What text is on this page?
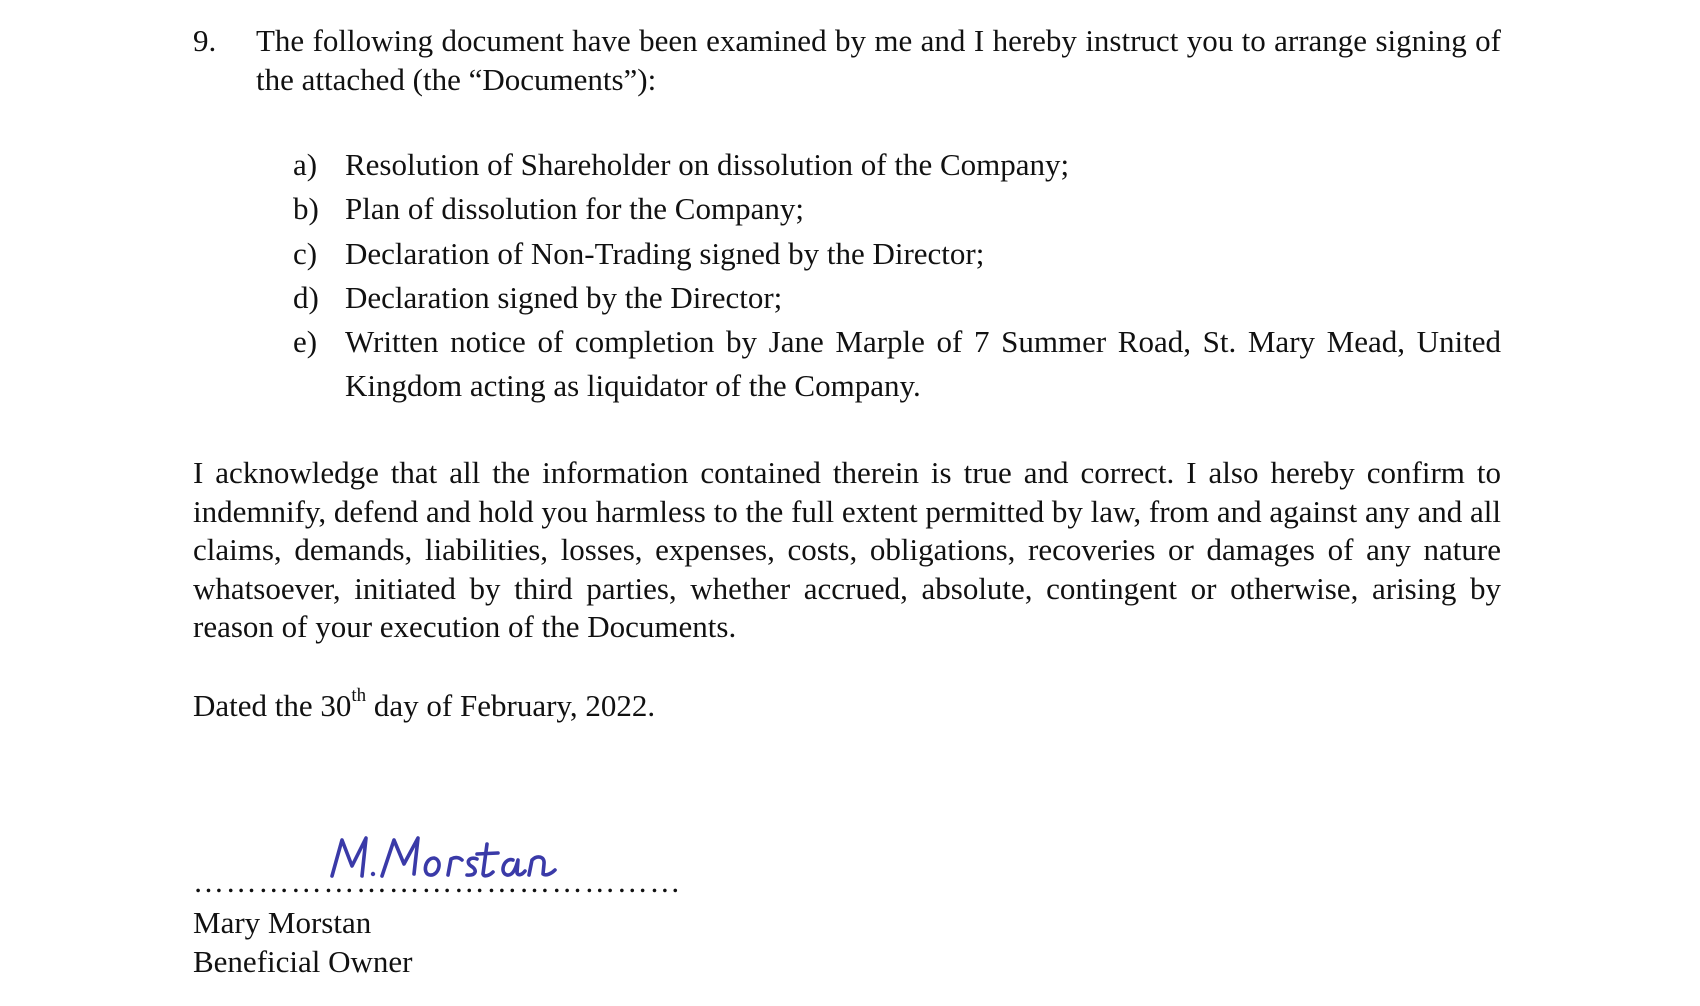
9.	The following document have been examined by me and I hereby instruct you to arrange signing of the attached (the “Documents”):
a) Resolution of Shareholder on dissolution of the Company;
b) Plan of dissolution for the Company;
c) Declaration of Non-Trading signed by the Director;
d) Declaration signed by the Director;
e) Written notice of completion by Jane Marple of 7 Summer Road, St. Mary Mead, United Kingdom acting as liquidator of the Company.
I acknowledge that all the information contained therein is true and correct. I also hereby confirm to indemnify, defend and hold you harmless to the full extent permitted by law, from and against any and all claims, demands, liabilities, losses, expenses, costs, obligations, recoveries or damages of any nature whatsoever, initiated by third parties, whether accrued, absolute, contingent or otherwise, arising by reason of your execution of the Documents.
Dated the 30th day of February, 2022.
………………………………………
Mary Morstan
Beneficial Owner
